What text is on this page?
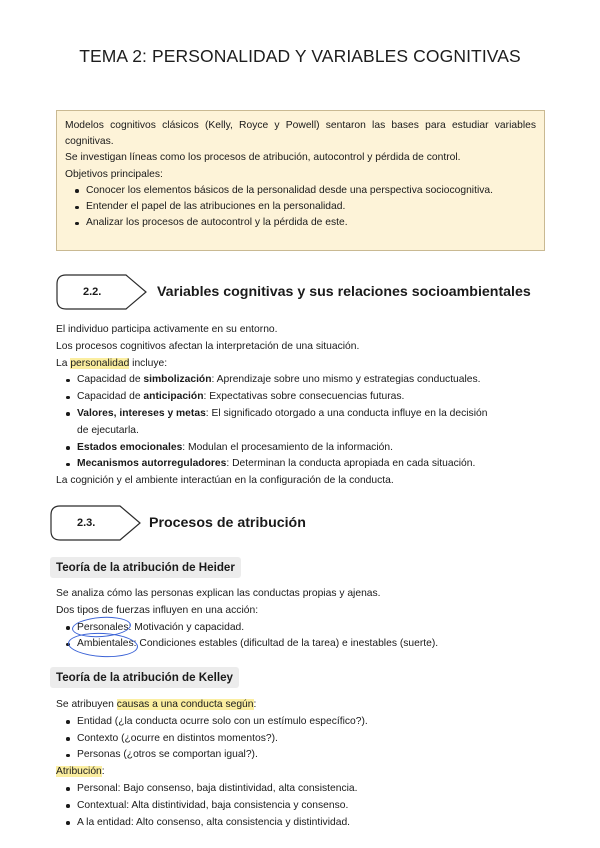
TEMA 2: PERSONALIDAD Y VARIABLES COGNITIVAS

Modelos cognitivos clásicos (Kelly, Royce y Powell) sentaron las bases para estudiar variables

cognitivas.

Se investigan líneas como los procesos de atribución, autocontrol y pérdida de control.

Objetivos principales:

Conocer los elementos básicos de la personalidad desde una perspectiva sociocognitiva.
Entender el papel de las atribuciones en la personalidad.
Analizar los procesos de autocontrol y la pérdida de este.
2.2.	Variables cognitivas y sus relaciones socioambientales

El individuo participa activamente en su entorno.

Los procesos cognitivos afectan la interpretación de una situación.

La personalidad incluye:

Capacidad de simbolización: Aprendizaje sobre uno mismo y estrategias conductuales.
Capacidad de anticipación: Expectativas sobre consecuencias futuras.
Valores, intereses y metas: El significado otorgado a una conducta influye en la decisión
de ejecutarla.
Estados emocionales: Modulan el procesamiento de la información.
Mecanismos autorreguladores: Determinan la conducta apropiada en cada situación.

La cognición y el ambiente interactúan en la configuración de la conducta.

2.3.	Procesos de atribución
Teoría de la atribución de Heider

Se analiza cómo las personas explican las conductas propias y ajenas.

Dos tipos de fuerzas influyen en una acción:

Personales: Motivación y capacidad.
Ambientales: Condiciones estables (dificultad de la tarea) e inestables (suerte).
Teoría de la atribución de Kelley

Se atribuyen causas a una conducta según:

Entidad (¿la conducta ocurre solo con un estímulo específico?).
Contexto (¿ocurre en distintos momentos?).
Personas (¿otros se comportan igual?).

Atribución:

Personal: Bajo consenso, baja distintividad, alta consistencia.
Contextual: Alta distintividad, baja consistencia y consenso.
A la entidad: Alto consenso, alta consistencia y distintividad.
